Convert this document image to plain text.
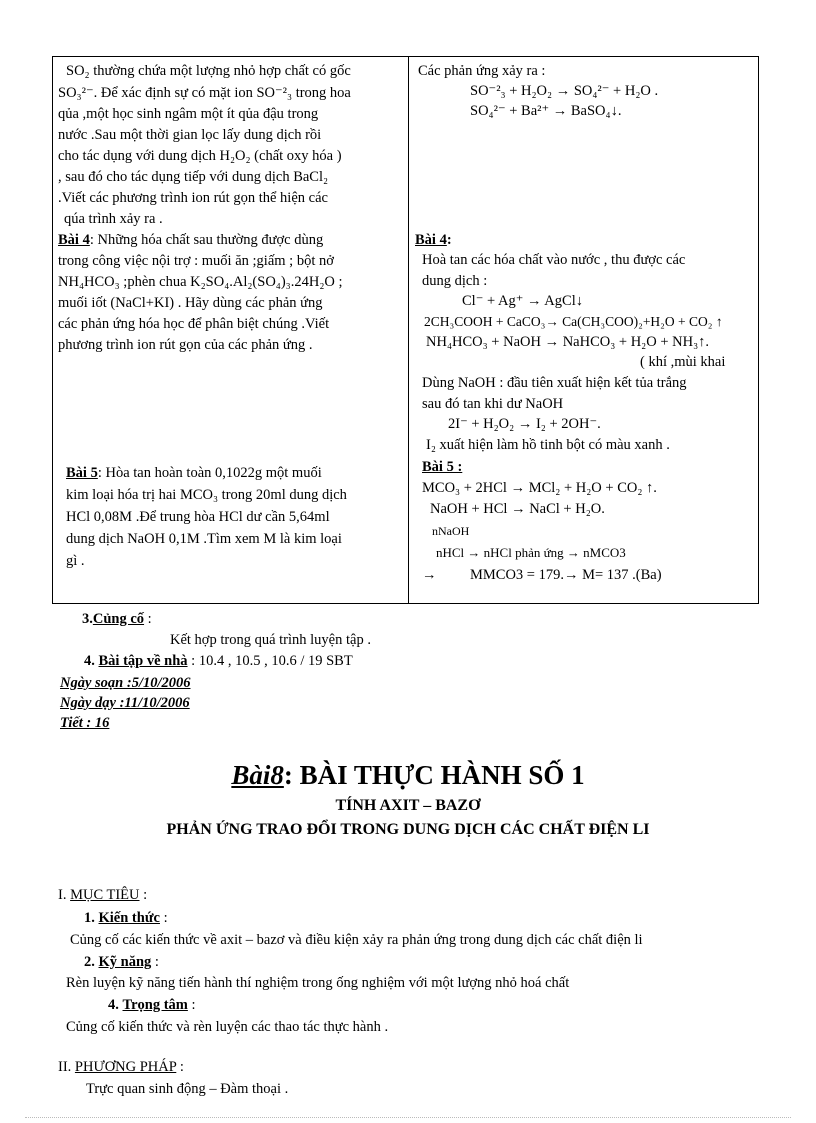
SO₂ thường chứa một lượng nhỏ hợp chất có gốc
SO₃²⁻. Để xác định sự có mặt ion SO⁻²₃ trong hoa
qủa ,một học sinh ngâm một ít qủa đậu trong
nước .Sau một thời gian lọc lấy dung dịch rồi
cho tác dụng với dung dịch H₂O₂ (chất oxy hóa )
, sau đó cho tác dụng tiếp với dung dịch BaCl₂
.Viết các phương trình ion rút gọn thể hiện các
qúa trình xảy ra .
Bài 4: Những hóa chất sau thường được dùng
trong công việc nội trợ : muối ăn ;giấm ; bột nở
NH₄HCO₃ ;phèn chua K₂SO₄.Al₂(SO₄)₃.24H₂O ;
muối iốt (NaCl+KI) . Hãy dùng các phản ứng
các phản ứng hóa học để phân biệt chúng .Viết
phương trình ion rút gọn của các phản ứng .
Bài 5: Hòa tan hoàn toàn 0,1022g một muối
kim loại hóa trị hai MCO₃ trong 20ml dung dịch
HCl 0,08M .Để trung hòa HCl dư cần 5,64ml
dung dịch NaOH 0,1M .Tìm xem M là kim loại
gì .
Các phản ứng xảy ra :
SO⁻²₃ + H₂O₂ → SO₄²⁻ + H₂O .
SO₄²⁻ + Ba²⁺ → BaSO₄↓.
Bài 4:
Hoà tan các hóa chất vào nước , thu được các
dung dịch :
Cl⁻ + Ag⁺ → AgCl↓
2CH₃COOH + CaCO₃→ Ca(CH₃COO)₂+H₂O + CO₂ ↑
NH₄HCO₃ + NaOH → NaHCO₃ + H₂O + NH₃↑.
( khí ,mùi khai
Dùng NaOH : đầu tiên xuất hiện kết tủa trắng
sau đó tan khi dư NaOH
2I⁻ + H₂O₂ → I₂ + 2OH⁻.
I₂ xuất hiện làm hồ tinh bột có màu xanh .
Bài 5 :
MCO₃ + 2HCl → MCl₂ + H₂O + CO₂ ↑.
NaOH + HCl → NaCl + H₂O.
nNaOH
nHCl → nHCl phản ứng → nMCO3
→ MMCO3 = 179.→ M= 137 .(Ba)
3.Củng cố :
Kết hợp trong quá trình luyện tập .
4. Bài tập về nhà : 10.4 , 10.5 , 10.6 / 19 SBT
Ngày soạn :5/10/2006
Ngày dạy :11/10/2006
Tiết : 16
Bài8: BÀI THỰC HÀNH SỐ 1
TÍNH AXIT – BAZƠ
PHẢN ỨNG TRAO ĐỔI TRONG DUNG DỊCH CÁC CHẤT ĐIỆN LI
I. MỤC TIÊU :
1. Kiến thức :
Củng cố các kiến thức về axit – bazơ và điều kiện xảy ra phản ứng trong dung dịch các chất điện li
2. Kỹ năng :
Rèn luyện kỹ năng tiến hành thí nghiệm trong ống nghiệm với một lượng nhỏ hoá chất
4. Trọng tâm :
Củng cố kiến thức và rèn luyện các thao tác thực hành .
II. PHƯƠNG PHÁP :
Trực quan sinh động – Đàm thoại .
